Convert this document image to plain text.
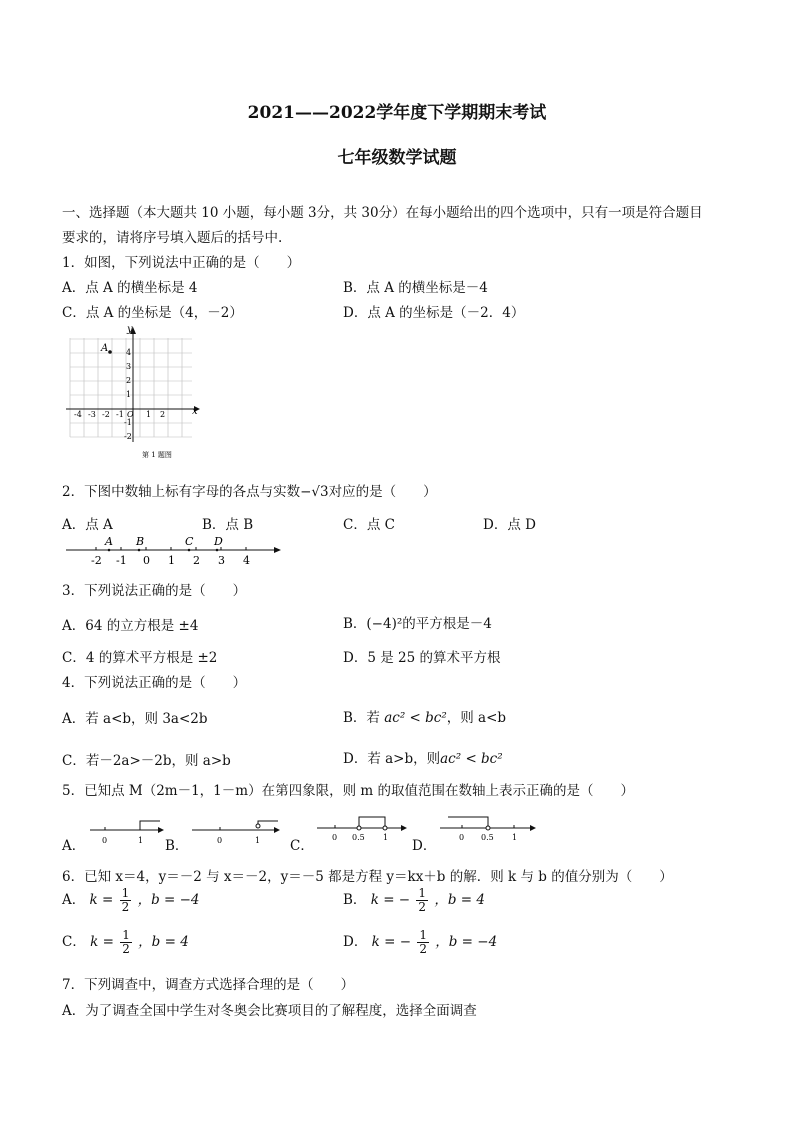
2021——2022学年度下学期期末考试
七年级数学试题
一、选择题（本大题共 10 小题，每小题 3分，共 30分）在每小题给出的四个选项中，只有一项是符合题目
要求的，请将序号填入题后的括号中.
1．如图，下列说法中正确的是（　　）
A．点 A 的横坐标是 4	B．点 A 的横坐标是－4
C．点 A 的坐标是（4，－2）	D．点 A 的坐标是（－2．4）
x
y
A
-4 -3 -2 -1 O 1 2
4
3
2
1
-1
-2
第 1 题图
2．下图中数轴上标有字母的各点与实数−√3对应的是（　　）
A．点 A	B．点 B	C．点 C	D．点 D
-2 -1 0 1 2 3 4
A B	C D
3．下列说法正确的是（　　）
A．64 的立方根是 ±4	B．(−4)²的平方根是－4
C．4 的算术平方根是 ±2	D．5 是 25 的算术平方根
4．下列说法正确的是（　　）
A．若 a<b，则 3a<2b	B．若 ac² < bc²，则 a<b
C．若－2a>－2b，则 a>b	D．若 a>b，则ac² < bc²
5．已知点 M（2m－1，1－m）在第四象限，则 m 的取值范围在数轴上表示正确的是（　　）
A． 0	1 B．	0	1 C．
0 0.5 1
D．
0 0.5 1
6．已知 x＝4，y＝－2 与 x＝－2，y＝－5 都是方程 y＝kx＋b 的解．则 k 与 b 的值分别为（　　）
A． $k = \frac{1}{2}$ ，b = −4	B． k = − $\frac{1}{2}$ ，b = 4
C． $k = \frac{1}{2}$ ，b = 4	D． k = − $\frac{1}{2}$ ，b = −4
7．下列调查中，调查方式选择合理的是（　　）
A．为了调查全国中学生对冬奥会比赛项目的了解程度，选择全面调查
